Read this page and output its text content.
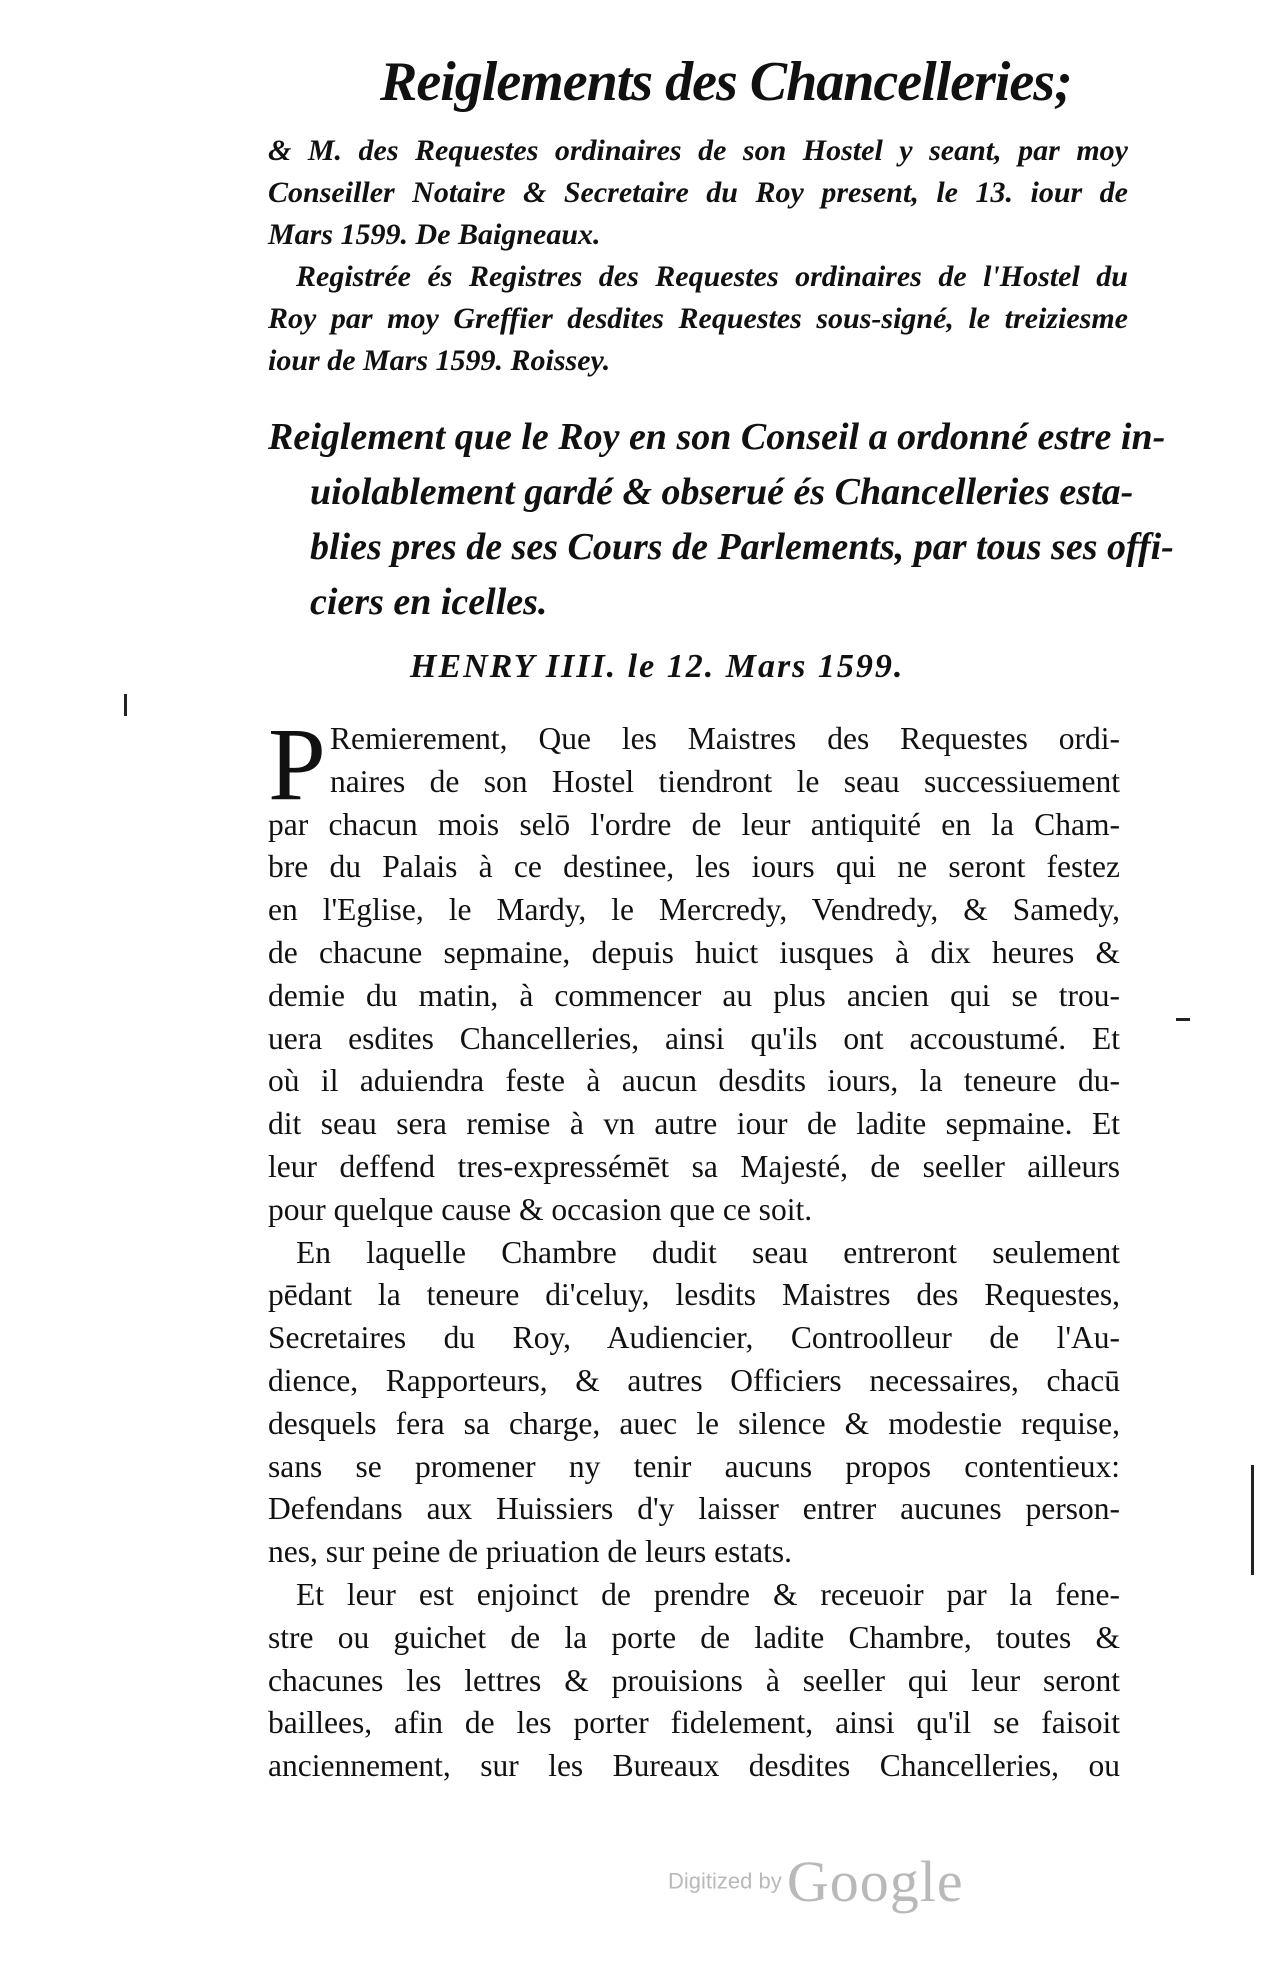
Reiglements des Chancelleries;
& M. des Requestes ordinaires de son Hostel y seant, par moy
Conseiller Notaire & Secretaire du Roy present, le 13. iour de
Mars 1599. De Baigneaux.
Registrée és Registres des Requestes ordinaires de l'Hostel du
Roy par moy Greffier desdites Requestes sous-signé, le treiziesme
iour de Mars 1599. Roissey.
Reiglement que le Roy en son Conseil a ordonné estre in-
uiolablement gardé & obserué és Chancelleries esta-
blies pres de ses Cours de Parlements, par tous ses offi-
ciers en icelles.
HENRY IIII. le 12. Mars 1599.
P Remierement, Que les Maistres des Requestes ordi-
naires de son Hostel tiendront le seau successiuement
par chacun mois selō l'ordre de leur antiquité en la Cham-
bre du Palais à ce destinee, les iours qui ne seront festez
en l'Eglise, le Mardy, le Mercredy, Vendredy, & Samedy,
de chacune sepmaine, depuis huict iusques à dix heures &
demie du matin, à commencer au plus ancien qui se trou-
uera esdites Chancelleries, ainsi qu'ils ont accoustumé. Et
où il aduiendra feste à aucun desdits iours, la teneure du-
dit seau sera remise à vn autre iour de ladite sepmaine. Et
leur deffend tres-expressémēt sa Majesté, de seeller ailleurs
pour quelque cause & occasion que ce soit.
En laquelle Chambre dudit seau entreront seulement
pēdant la teneure di'celuy, lesdits Maistres des Requestes,
Secretaires du Roy, Audiencier, Controolleur de l'Au-
dience, Rapporteurs, & autres Officiers necessaires, chacū
desquels fera sa charge, auec le silence & modestie requise,
sans se promener ny tenir aucuns propos contentieux:
Defendans aux Huissiers d'y laisser entrer aucunes person-
nes, sur peine de priuation de leurs estats.
Et leur est enjoinct de prendre & receuoir par la fene-
stre ou guichet de la porte de ladite Chambre, toutes &
chacunes les lettres & prouisions à seeller qui leur seront
baillees, afin de les porter fidelement, ainsi qu'il se faisoit
anciennement, sur les Bureaux desdites Chancelleries, ou
Digitized by Google
